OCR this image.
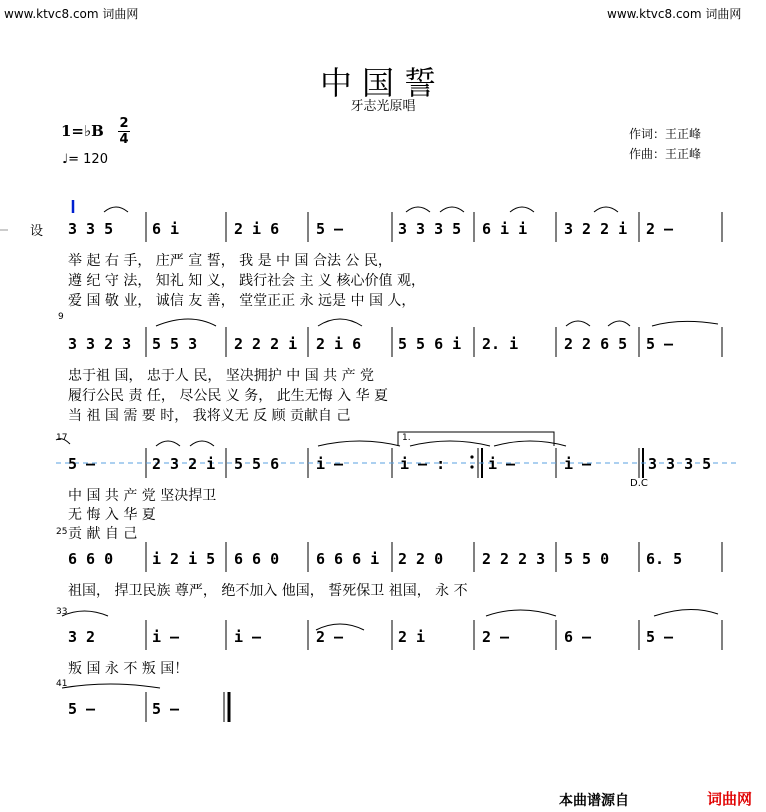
www.ktvc8.com 词曲网	www.ktvc8.com 词曲网
中国誓
牙志光原唱
1=♭B 2
4
♩= 120
作词：王正峰
作曲：王正峰
设 3 3 5	6 i	2 i 6 5 –	3 3 3 5 6 i i 3 2 2 i 2 –
举 起 右 手， 庄严 宣 誓， 我 是 中 国 合法 公 民，
遵 纪 守 法， 知礼 知 义， 践行社会 主 义 核心价值 观，
爱 国 敬 业， 诚信 友 善， 堂堂正正 永 远是 中 国 人，
9
3 3 2 3 5 5 3 2 2 2 i 2 i 6 5 5 6 i 2. i	2 2 6 5 5 –
忠于祖 国， 忠于人 民， 坚决拥护 中 国 共 产 党
履行公民 责 任， 尽公民 义 务， 此生无悔 入 华 夏
当 祖 国 需 要 时， 我将义无 反 顾 贡献自 己
17	1.
5 –	2 3 2 i 5 5 6 i –	i – :	i –	i –	3 3 3 5
D.C
中 国 共 产 党 坚决捍卫
无 悔 入 华 夏
贡 献 自 己
25
6 6 0	i 2 i 5 6 6 0 6 6 6 i 2 2 0	2 2 2 3 5 5 0 6. 5
祖国， 捍卫民族 尊严， 绝不加入 他国， 誓死保卫 祖国， 永 不
33
3 2	i –	i –	2 –	2 i	2 –	6 –	5 –
叛 国 永 不 叛 国！
41
5 –	5 –
本曲谱源自	词曲网
